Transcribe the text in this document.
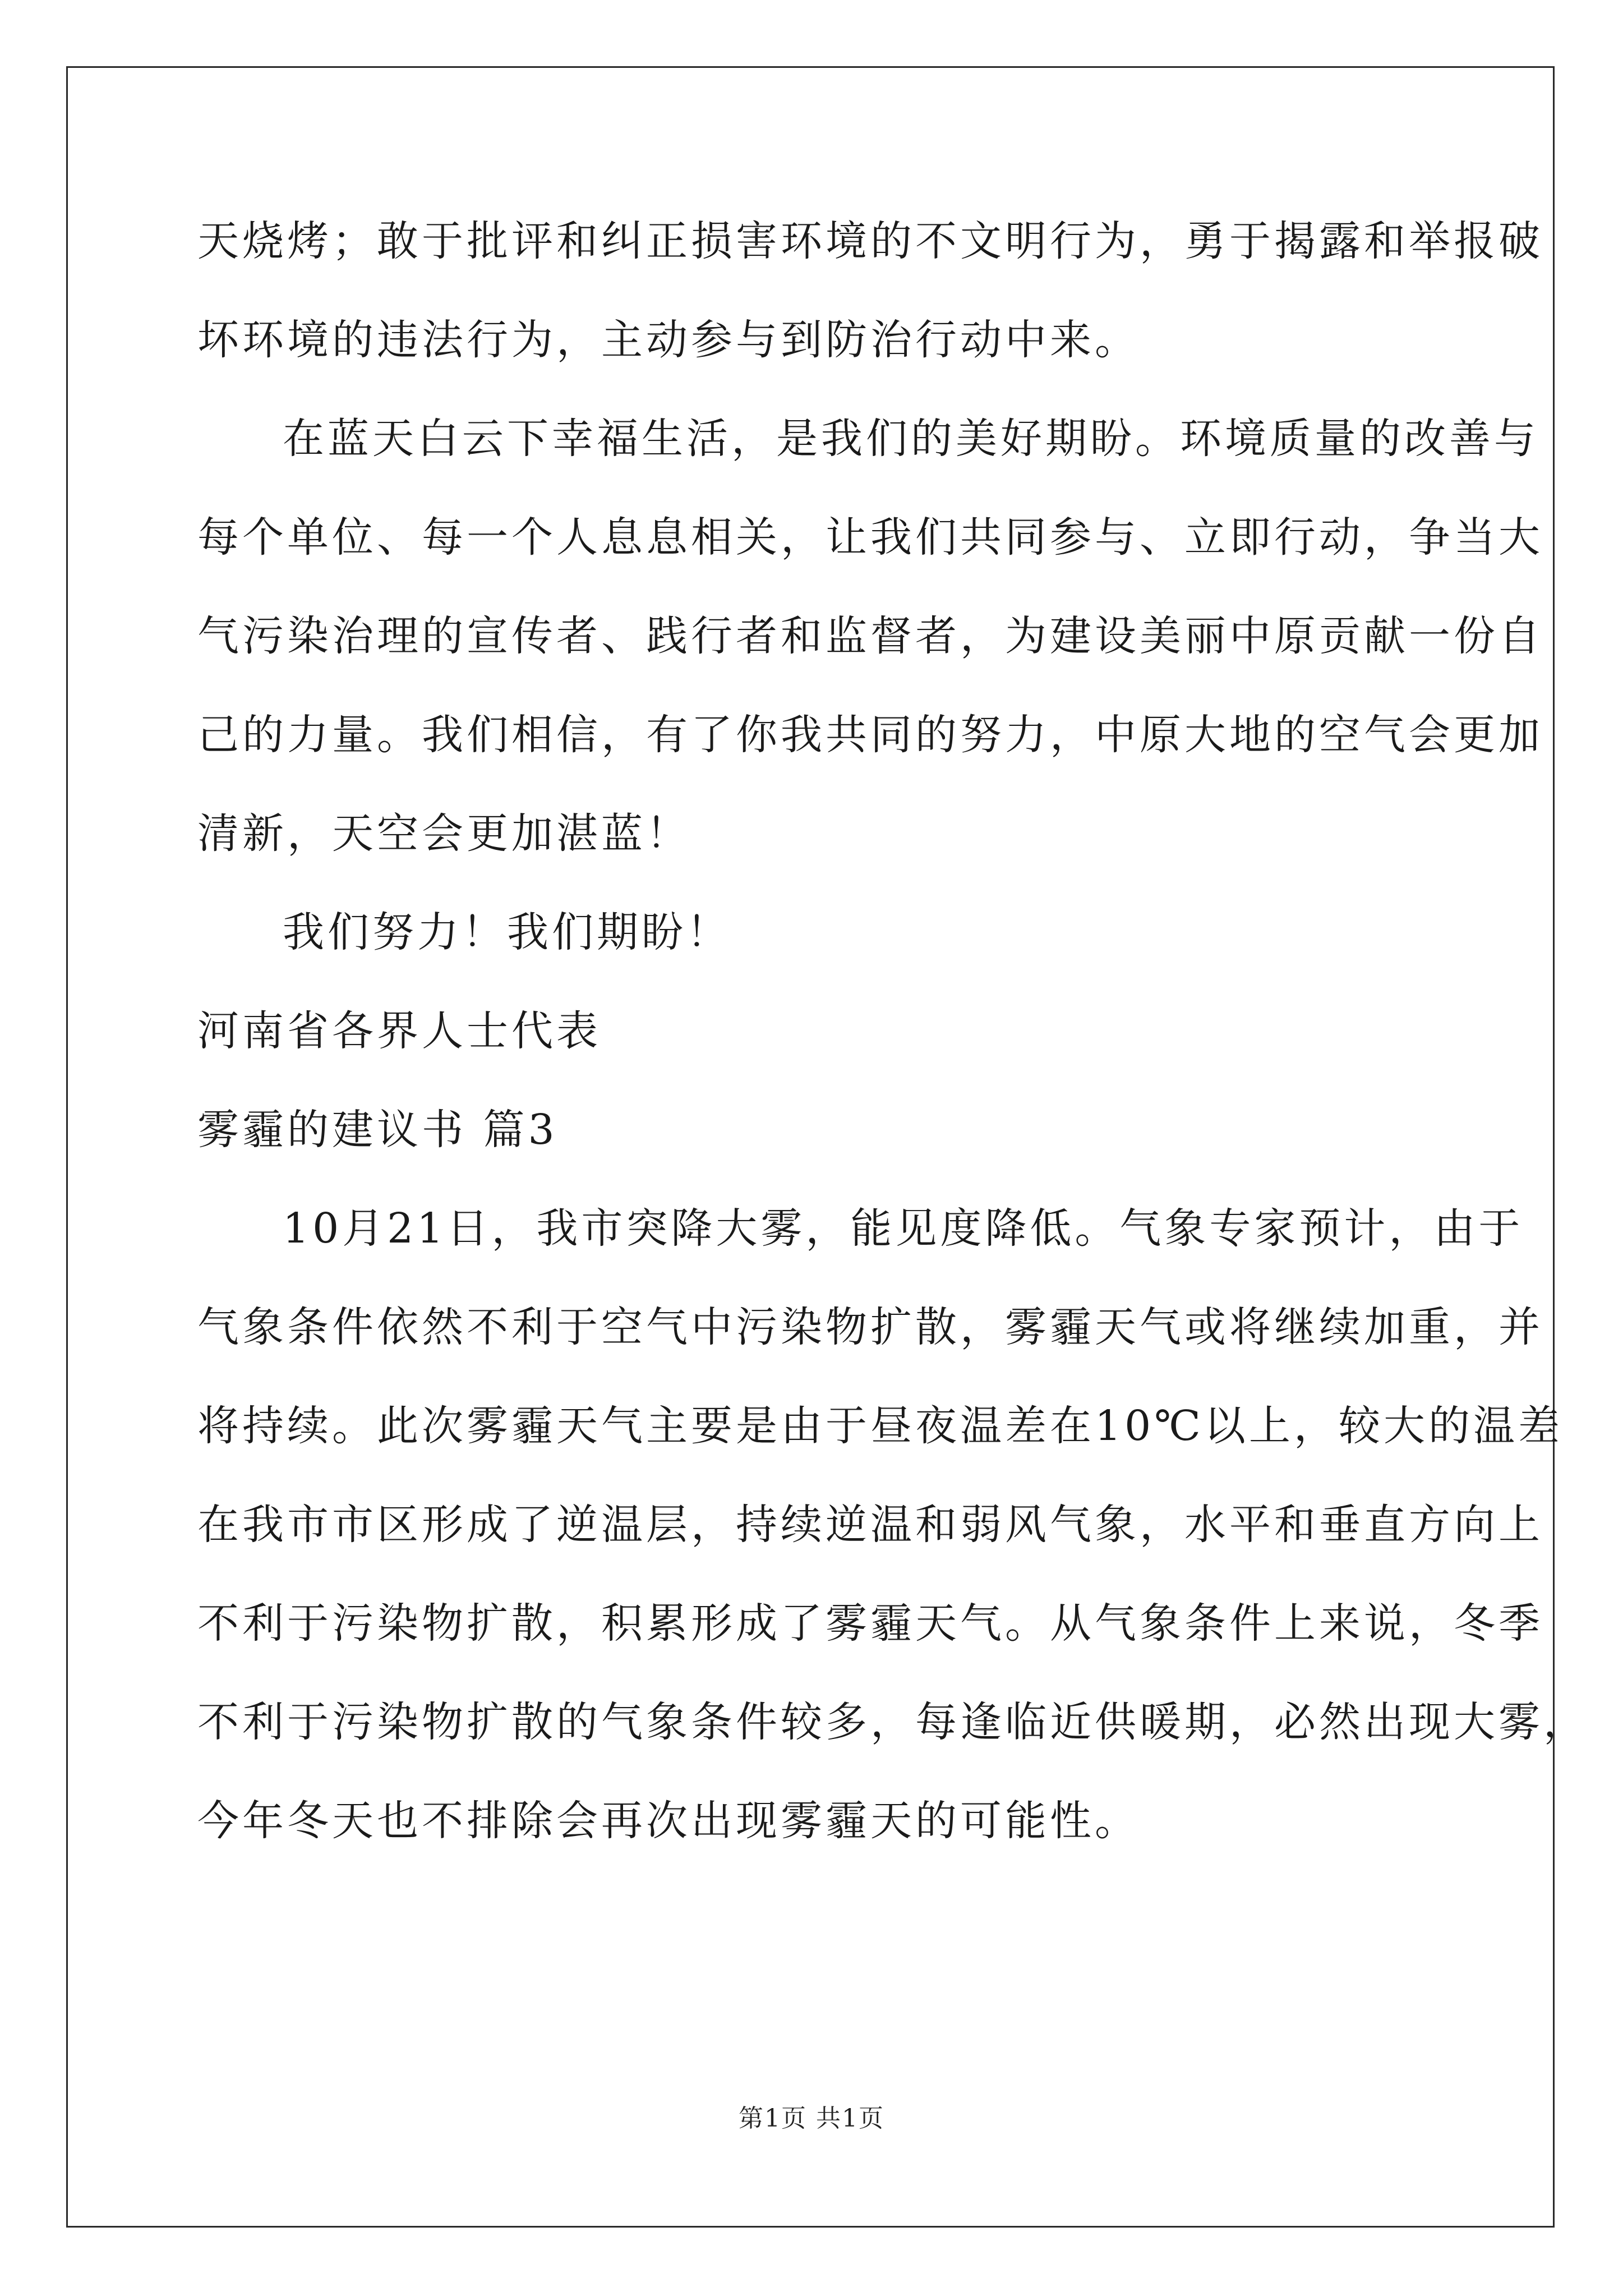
天烧烤；敢于批评和纠正损害环境的不文明行为，勇于揭露和举报破
坏环境的违法行为，主动参与到防治行动中来。
在蓝天白云下幸福生活，是我们的美好期盼。环境质量的改善与
每个单位、每一个人息息相关，让我们共同参与、立即行动，争当大
气污染治理的宣传者、践行者和监督者，为建设美丽中原贡献一份自
己的力量。我们相信，有了你我共同的努力，中原大地的空气会更加
清新，天空会更加湛蓝！
我们努力！我们期盼！
河南省各界人士代表
雾霾的建议书 篇3
10月21日，我市突降大雾，能见度降低。气象专家预计，由于
气象条件依然不利于空气中污染物扩散，雾霾天气或将继续加重，并
将持续。此次雾霾天气主要是由于昼夜温差在10℃以上，较大的温差
在我市市区形成了逆温层，持续逆温和弱风气象，水平和垂直方向上
不利于污染物扩散，积累形成了雾霾天气。从气象条件上来说，冬季
不利于污染物扩散的气象条件较多，每逢临近供暖期，必然出现大雾，
今年冬天也不排除会再次出现雾霾天的可能性。
第1页 共1页
